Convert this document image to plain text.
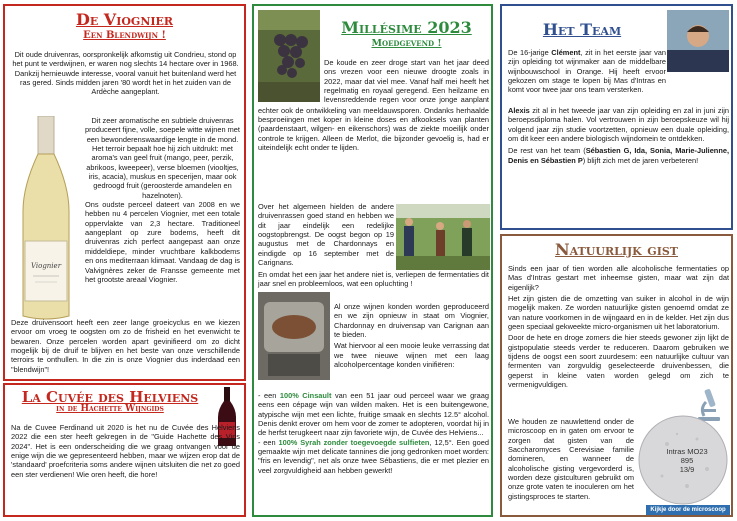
De Viognier
Een Blendwijn !
Viognier

Dit oude druivenras, oorspronkelijk afkomstig uit Condrieu, stond op het punt te verdwijnen, er waren nog slechts 14 hectare over in 1968. Dankzij hernieuwde interesse, vooral vanuit het buitenland werd het ras gered. Sinds midden jaren '80 wordt het in het zuiden van de Ardèche aangeplant.

Dit zeer aromatische en subtiele druivenras produceert fijne, volle, soepele witte wijnen met een bewonderenswaardige lengte in de mond. Het terroir bepaalt hoe hij zich uitdrukt: met aroma's van geel fruit (mango, peer, perzik, abrikoos, kweepeer), verse bloemen (viooltjes, iris, acacia), muskus en specerijen, maar ook gedroogd fruit (geroosterde amandelen en hazelnoten).

Ons oudste perceel dateert van 2008 en we hebben nu 4 percelen Viognier, met een totale oppervlakte van 2,3 hectare. Traditioneel aangeplant op zure bodems, heeft dit druivenras zich perfect aangepast aan onze middeldiepe, minder vruchtbare kalkbodems en ons mediterraan klimaat. Vandaag de dag is Valvignères zeker de Fransse gemeente met het grootste areaal Viognier.

Deze druivensoort heeft een zeer lange groeicyclus en we kiezen ervoor om vroeg te oogsten om zo de frisheid en het evenwicht te bewaren. Onze percelen worden apart gevinifieerd om zo dicht mogelijk bij de druif te blijven en het beste van onze verschillende terroirs te onthullen. In die zin is onze Viognier dus inderdaad een "blendwijn"!

La Cuvée des Helviens
in de Hachette Wijngids

Na de Cuvee Ferdinand uit 2020 is het nu de Cuvée des Helviens 2022 die een ster heeft gekregen in de "Guide Hachette des Vins 2024". Het is een onderscheiding die we graag ontvangen voor de enige wijn die we gepresenteerd hebben, maar we wijzen erop dat de 'standaard' proefcriteria soms andere wijnen uitsluiten die net zo goed een ster verdienen! Wie oren heeft, die hore!

Millésime 2023
Moedgevend !

De koude en zeer droge start van het jaar deed ons vrezen voor een nieuwe droogte zoals in 2022, maar dat viel mee. Vanaf half mei heeft het regelmatig en royaal geregend. Een heilzame en levensreddende regen voor onze jonge aanplant

echter ook de ontwikkeling van meeldauwsporen. Ondanks herhaalde besproeiingen met koper in kleine doses en afkooksels van planten (paardenstaart, wilgen- en eikenschors) was de ziekte moeilijk onder controle te krijgen. Alleen de Merlot, die bijzonder gevoelig is, had er uiteindelijk echt onder te lijden.

Over het algemeen hielden de andere druivenrassen goed stand en hebben we dit jaar eindelijk een redelijke oogstopbrengst. De oogst begon op 19 augustus met de Chardonnays en eindigde op 16 september met de Carignans.

En omdat het een jaar het andere niet is, verliepen de fermentaties dit jaar snel en probleemloos, wat een opluchting !

Al onze wijnen konden worden geproduceerd en we zijn opnieuw in staat om Viognier, Chardonnay en druivensap van Carignan aan te bieden.

Wat hiervoor al een mooie leuke verrassing dat we twee nieuwe wijnen met een laag alcoholpercentage konden vinifiëren:

- een 100% Cinsault van een 51 jaar oud perceel waar we graag eens een cépage wijn van wilden maken. Het is een buitengewone, atypische wijn met een lichte, fruitige smaak en slechts 12.5° alcohol. Denis denkt erover om hem voor de zomer te adopteren, voordat hij in de herfst terugkeert naar zijn favoriete wijn, de Cuvée des Helviens...

- een 100% Syrah zonder toegevoegde sulfieten, 12,5°. Een goed gemaakte wijn met delicate tannines die jong gedronken moet worden: "fris en levendig", net als onze twee Sébastiens, die er met plezier en veel zorgvuldigheid aan hebben gewerkt!

Het Team

De 16-jarige Clément, zit in het eerste jaar van zijn opleiding tot wijnmaker aan de middelbare wijnbouwschool in Orange. Hij heeft ervoor gekozen om stage te lopen bij Mas d'Intras en komt voor twee jaar ons team versterken.

Alexis zit al in het tweede jaar van zijn opleiding en zal in juni zijn beroepsdiploma halen. Vol vertrouwen in zijn beroepskeuze wil hij volgend jaar zijn studie voortzetten, opnieuw een duale opleiding, om dit keer een andere biologisch wijndomein te ontdekken.

De rest van het team (Sébastien G, Ida, Sonia, Marie-Julienne, Denis en Sébastien P) blijft zich met de jaren verbeteren!

Natuurlijk gist

Sinds een jaar of tien worden alle alcoholische fermentaties op Mas d'Intras gestart met inheemse gisten, maar wat zijn dat eigenlijk?

Het zijn gisten die de omzetting van suiker in alcohol in de wijn mogelijk maken. Ze worden natuurlijke gisten genoemd omdat ze van nature voorkomen in de wijngaard en in de kelder. Het zijn dus geen speciaal gekweekte micro-organismen uit het laboratorium.

Door de hete en droge zomers die hier steeds gewoner zijn lijkt de gistpopulatie steeds verder te reduceren. Daarom gebruiken we tijdens de oogst een soort zuurdesem: een natuurlijke cultuur van fermenten van zorgvuldig geselecteerde druivenbessen, die geperst in kleine vaten worden gelegd om zich te vermenigvuldigen.

We houden ze nauwlettend onder de microscoop en in gaten om ervoor te zorgen dat gisten van de Saccharomyces Cerevisiae familie domineren, en wanneer de alcoholische gisting vergevorderd is, worden deze gistculturen gebruikt om onze grote vaten te inoculeren om het gistingsproces te starten.

Intras MO23
895
13/9
Kijkje door de microscoop
